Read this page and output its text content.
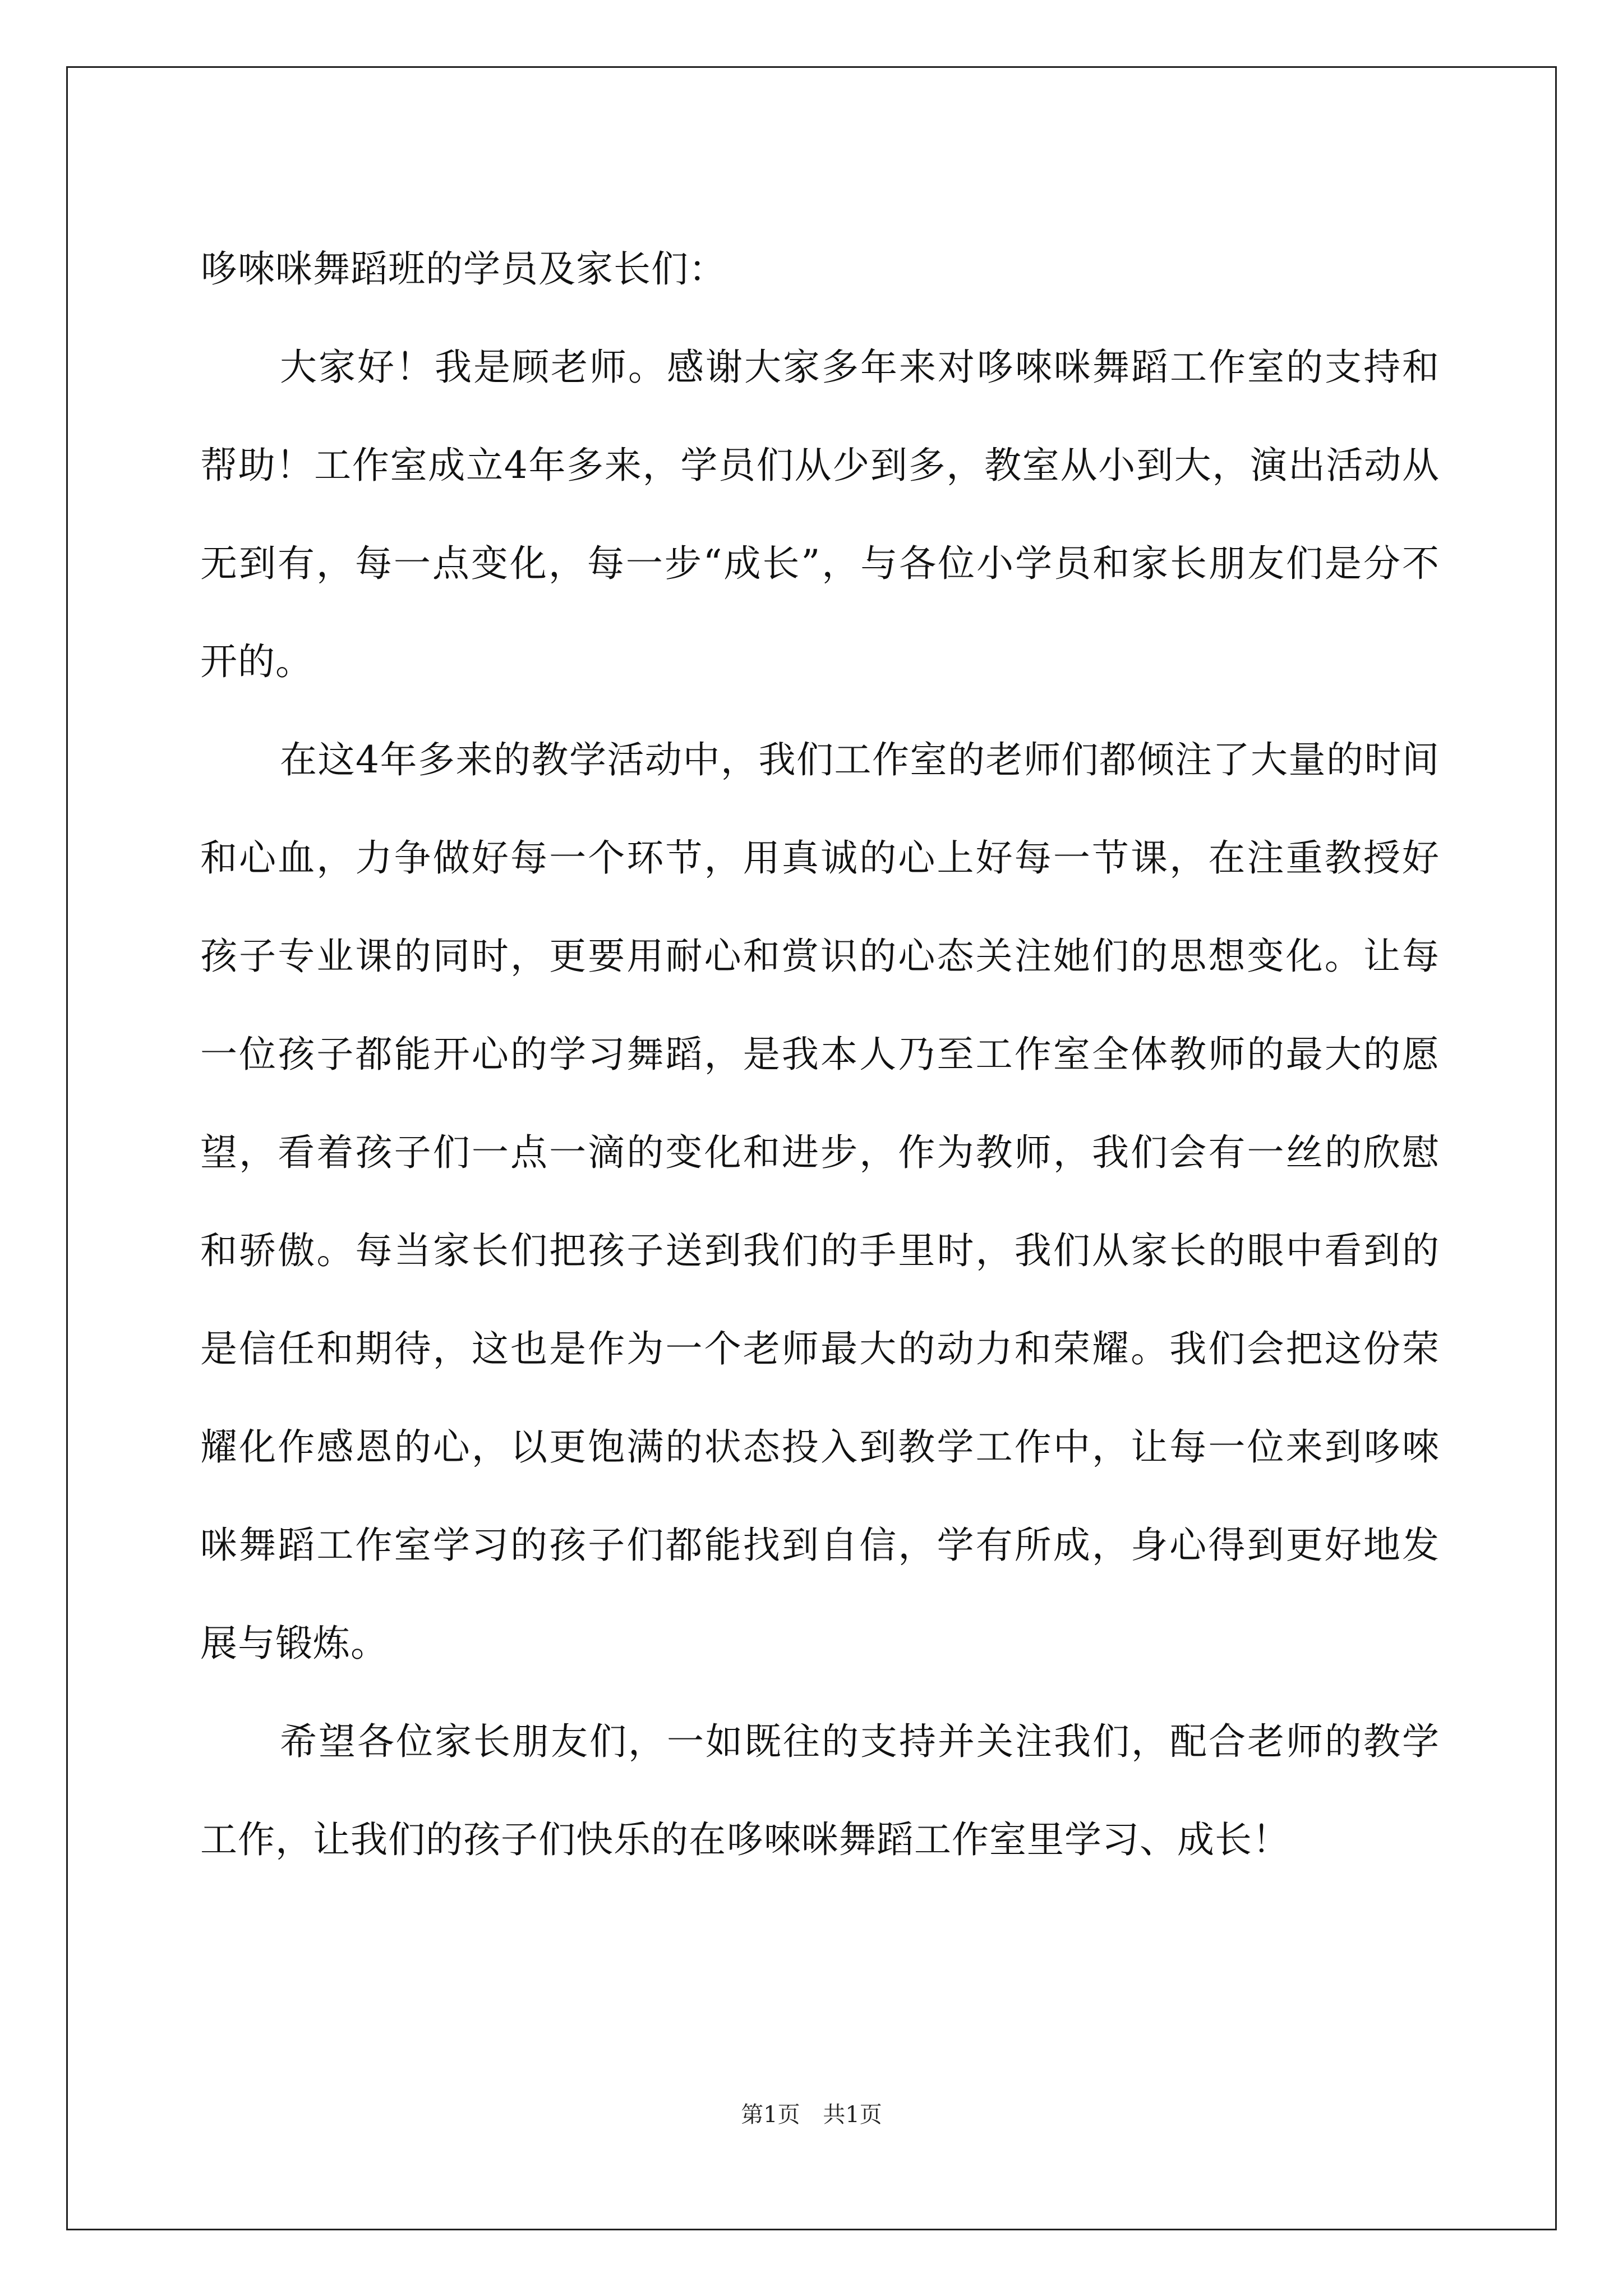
哆唻咪舞蹈班的学员及家长们：

大家好！我是顾老师。感谢大家多年来对哆唻咪舞蹈工作室的支持和帮助！工作室成立4年多来，学员们从少到多，教室从小到大，演出活动从无到有，每一点变化，每一步“成长”，与各位小学员和家长朋友们是分不开的。

在这4年多来的教学活动中，我们工作室的老师们都倾注了大量的时间和心血，力争做好每一个环节，用真诚的心上好每一节课，在注重教授好孩子专业课的同时，更要用耐心和赏识的心态关注她们的思想变化。让每一位孩子都能开心的学习舞蹈，是我本人乃至工作室全体教师的最大的愿望，看着孩子们一点一滴的变化和进步，作为教师，我们会有一丝的欣慰和骄傲。每当家长们把孩子送到我们的手里时，我们从家长的眼中看到的是信任和期待，这也是作为一个老师最大的动力和荣耀。我们会把这份荣耀化作感恩的心，以更饱满的状态投入到教学工作中，让每一位来到哆唻咪舞蹈工作室学习的孩子们都能找到自信，学有所成，身心得到更好地发展与锻炼。

希望各位家长朋友们，一如既往的支持并关注我们，配合老师的教学工作，让我们的孩子们快乐的在哆唻咪舞蹈工作室里学习、成长！

第1页 共1页
